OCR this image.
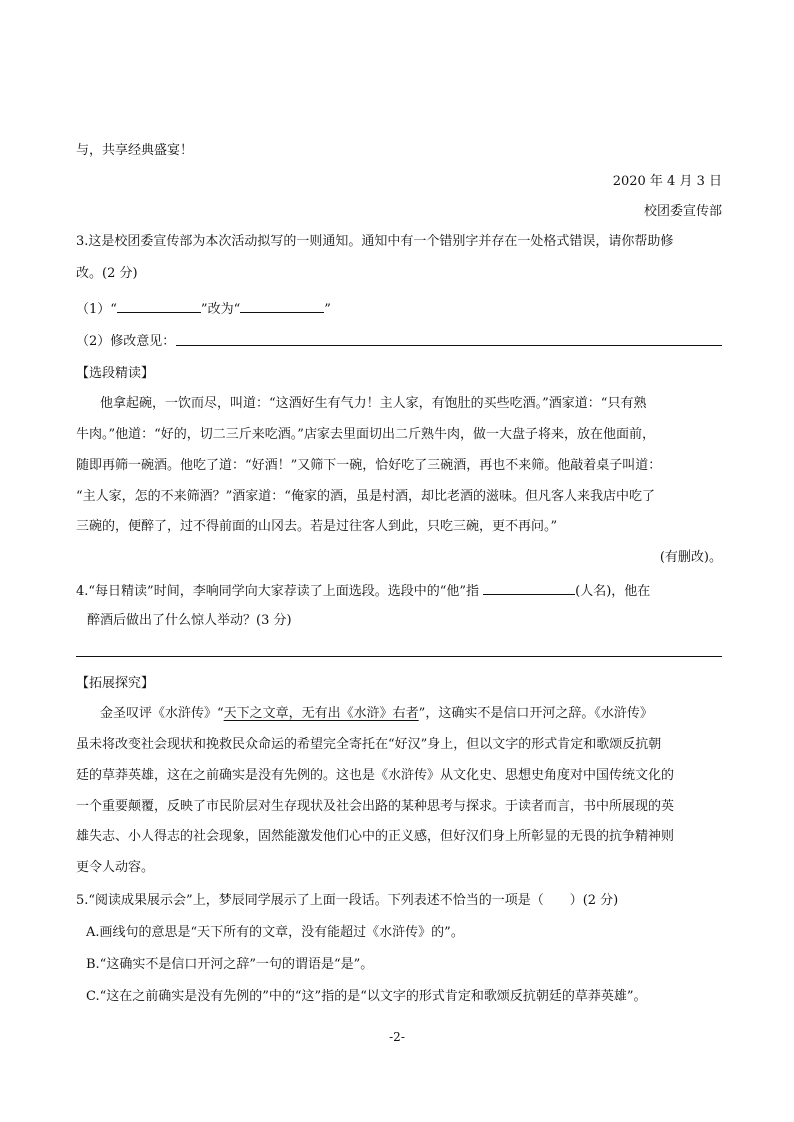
与，共享经典盛宴！
2020 年 4 月 3 日
校团委宣传部
3.这是校团委宣传部为本次活动拟写的一则通知。通知中有一个错别字并存在一处格式错误，请你帮助修
改。(2 分)
（1）“	”改为“	”
（2）修改意见：
【选段精读】
他拿起碗，一饮而尽，叫道：“这酒好生有气力！主人家，有饱肚的买些吃酒。”酒家道：“只有熟
牛肉。”他道：“好的，切二三斤来吃酒。”店家去里面切出二斤熟牛肉，做一大盘子将来，放在他面前，
随即再筛一碗酒。他吃了道：“好酒！”又筛下一碗，恰好吃了三碗酒，再也不来筛。他敲着桌子叫道：
“主人家，怎的不来筛酒？”酒家道：“俺家的酒，虽是村酒，却比老酒的滋味。但凡客人来我店中吃了
三碗的，便醉了，过不得前面的山冈去。若是过往客人到此，只吃三碗，更不再问。”
(有删改)。
4.“每日精读”时间，李响同学向大家荐读了上面选段。选段中的“他”指	(人名)，他在
醉酒后做出了什么惊人举动？(3 分)
【拓展探究】
金圣叹评《水浒传》“天下之文章，无有出《水浒》右者”，这确实不是信口开河之辞。《水浒传》
虽未将改变社会现状和挽救民众命运的希望完全寄托在“好汉”身上，但以文字的形式肯定和歌颂反抗朝
廷的草莽英雄，这在之前确实是没有先例的。这也是《水浒传》从文化史、思想史角度对中国传统文化的
一个重要颠覆，反映了市民阶层对生存现状及社会出路的某种思考与探求。于读者而言，书中所展现的英
雄失志、小人得志的社会现象，固然能激发他们心中的正义感，但好汉们身上所彰显的无畏的抗争精神则
更令人动容。
5.“阅读成果展示会”上，梦辰同学展示了上面一段话。下列表述不恰当的一项是（　　）(2 分)
A.画线句的意思是“天下所有的文章，没有能超过《水浒传》的”。
B.“这确实不是信口开河之辞”一句的谓语是“是”。
C.“这在之前确实是没有先例的”中的“这”指的是“以文字的形式肯定和歌颂反抗朝廷的草莽英雄”。
-2-
